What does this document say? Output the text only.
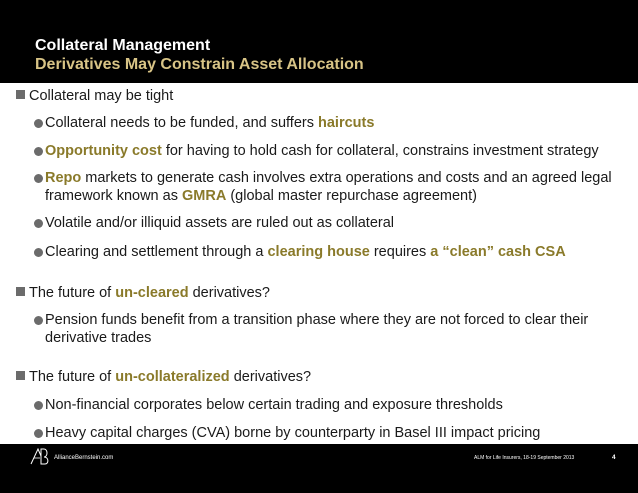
Collateral Management
Derivatives May Constrain Asset Allocation
Collateral may be tight
Collateral needs to be funded, and suffers haircuts
Opportunity cost for having to hold cash for collateral, constrains investment strategy
Repo markets to generate cash involves extra operations and costs and an agreed legal
framework known as GMRA (global master repurchase agreement)
Volatile and/or illiquid assets are ruled out as collateral
Clearing and settlement through a clearing house requires a “clean” cash CSA
The future of un-cleared derivatives?
Pension funds benefit from a transition phase where they are not forced to clear their
derivative trades
The future of un-collateralized derivatives?
Non-financial corporates below certain trading and exposure thresholds
Heavy capital charges (CVA) borne by counterparty in Basel III impact pricing
AllianceBernstein.com	ALM for Life Insurers, 18-19 September 2013	4
